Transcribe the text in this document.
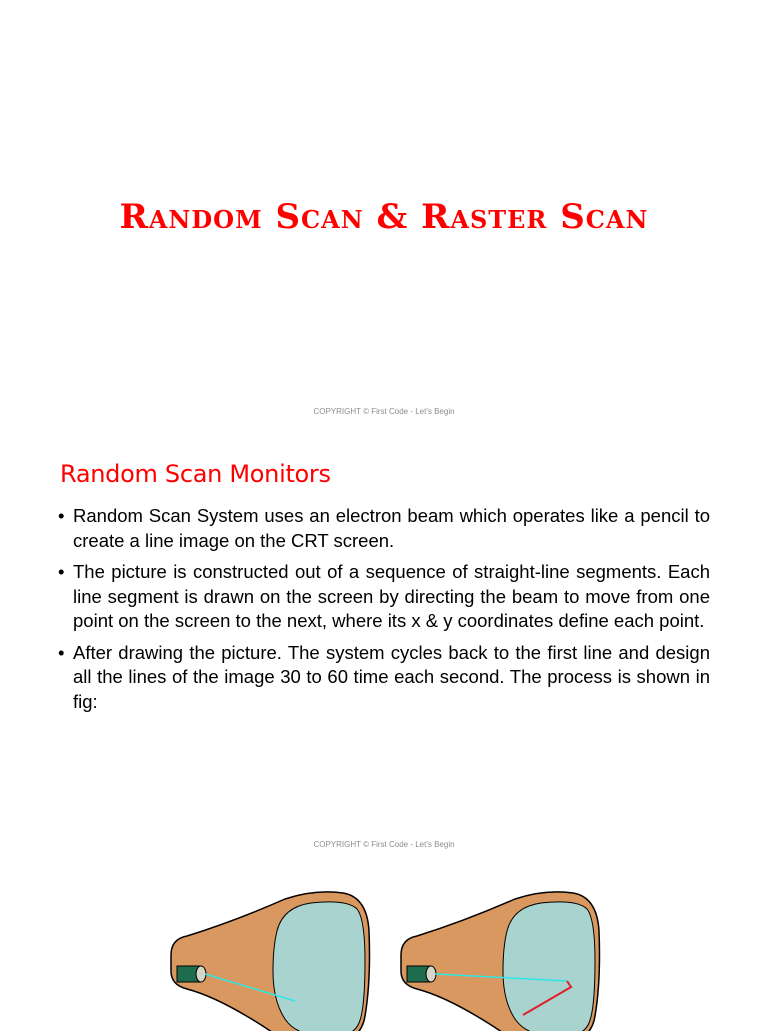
Random Scan & Raster Scan
COPYRIGHT © First Code - Let's Begin
Random Scan Monitors
• Random Scan System uses an electron beam which operates like a pencil to create a line image on the CRT screen.
• The picture is constructed out of a sequence of straight-line segments. Each line segment is drawn on the screen by directing the beam to move from one point on the screen to the next, where its x & y coordinates define each point.
• After drawing the picture. The system cycles back to the first line and design all the lines of the image 30 to 60 time each second. The process is shown in fig:
COPYRIGHT © First Code - Let's Begin
